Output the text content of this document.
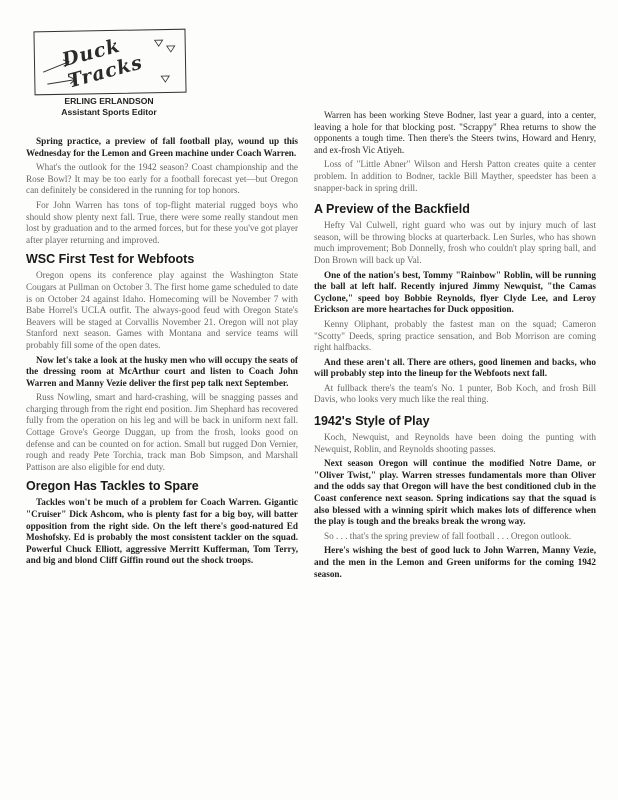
Duck Tracks
ERLING ERLANDSON
Assistant Sports Editor

Spring practice, a preview of fall football play, wound up this Wednesday for the Lemon and Green machine under Coach Warren.

What's the outlook for the 1942 season? Coast championship and the Rose Bowl? It may be too early for a football forecast yet—but Oregon can definitely be considered in the running for top honors.

For John Warren has tons of top-flight material rugged boys who should show plenty next fall. True, there were some really standout men lost by graduation and to the armed forces, but for these you've got player after player returning and improved.

WSC First Test for Webfoots

Oregon opens its conference play against the Washington State Cougars at Pullman on October 3. The first home game scheduled to date is on October 24 against Idaho. Homecoming will be November 7 with Babe Horrel's UCLA outfit. The always-good feud with Oregon State's Beavers will be staged at Corvallis November 21. Oregon will not play Stanford next season. Games with Montana and service teams will probably fill some of the open dates.

Now let's take a look at the husky men who will occupy the seats of the dressing room at McArthur court and listen to Coach John Warren and Manny Vezie deliver the first pep talk next September.

Russ Nowling, smart and hard-crashing, will be snagging passes and charging through from the right end position. Jim Shephard has recovered fully from the operation on his leg and will be back in uniform next fall. Cottage Grove's George Duggan, up from the frosh, looks good on defense and can be counted on for action. Small but rugged Don Vernier, rough and ready Pete Torchia, track man Bob Simpson, and Marshall Pattison are also eligible for end duty.

Oregon Has Tackles to Spare

Tackles won't be much of a problem for Coach Warren. Gigantic "Cruiser" Dick Ashcom, who is plenty fast for a big boy, will batter opposition from the right side. On the left there's good-natured Ed Moshofsky. Ed is probably the most consistent tackler on the squad. Powerful Chuck Elliott, aggressive Merritt Kufferman, Tom Terry, and big and blond Cliff Giffin round out the shock troops.

Warren has been working Steve Bodner, last year a guard, into a center, leaving a hole for that blocking post. "Scrappy" Rhea returns to show the opponents a tough time. Then there's the Steers twins, Howard and Henry, and ex-frosh Vic Atiyeh.

Loss of "Little Abner" Wilson and Hersh Patton creates quite a center problem. In addition to Bodner, tackle Bill Mayther, speedster has been a snapper-back in spring drill.

A Preview of the Backfield

Hefty Val Culwell, right guard who was out by injury much of last season, will be throwing blocks at quarterback. Len Surles, who has shown much improvement; Bob Donnelly, frosh who couldn't play spring ball, and Don Brown will back up Val.

One of the nation's best, Tommy "Rainbow" Roblin, will be running the ball at left half. Recently injured Jimmy Newquist, "the Camas Cyclone," speed boy Bobbie Reynolds, flyer Clyde Lee, and Leroy Erickson are more heartaches for Duck opposition.

Kenny Oliphant, probably the fastest man on the squad; Cameron "Scotty" Deeds, spring practice sensation, and Bob Morrison are coming right halfbacks.

And these aren't all. There are others, good linemen and backs, who will probably step into the lineup for the Webfoots next fall.

At fullback there's the team's No. 1 punter, Bob Koch, and frosh Bill Davis, who looks very much like the real thing.

1942's Style of Play

Koch, Newquist, and Reynolds have been doing the punting with Newquist, Roblin, and Reynolds shooting passes.

Next season Oregon will continue the modified Notre Dame, or "Oliver Twist," play. Warren stresses fundamentals more than Oliver and the odds say that Oregon will have the best conditioned club in the Coast conference next season. Spring indications say that the squad is also blessed with a winning spirit which makes lots of difference when the play is tough and the breaks break the wrong way.

So . . . that's the spring preview of fall football . . . Oregon outlook.

Here's wishing the best of good luck to John Warren, Manny Vezie, and the men in the Lemon and Green uniforms for the coming 1942 season.
